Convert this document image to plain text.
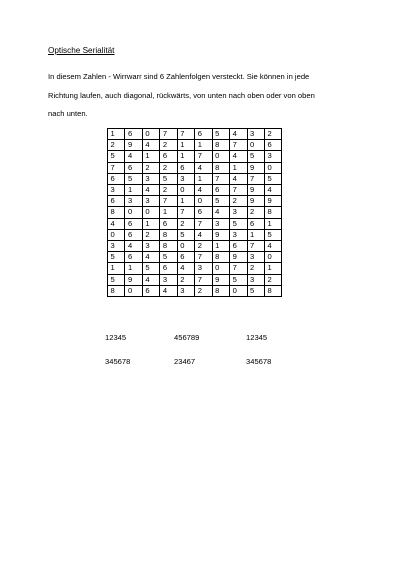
Optische Serialität

In diesem Zahlen - Wirrwarr sind 6 Zahlenfolgen versteckt. Sie können in jede

Richtung laufen, auch diagonal, rückwärts, von unten nach oben oder von oben

nach unten.

1	6	0	7	7	6	5	4	3	2
2	9	4	2	1	1	8	7	0	6
5	4	1	6	1	7	0	4	5	3
7	6	2	2	6	4	8	1	9	0
6	5	3	5	3	1	7	4	7	5
3	1	4	2	0	4	6	7	9	4
6	3	3	7	1	0	5	2	9	9
8	0	0	1	7	6	4	3	2	8
4	6	1	6	2	7	3	5	6	1
0	6	2	8	5	4	9	3	1	5
3	4	3	8	0	2	1	6	7	4
5	6	4	5	6	7	8	9	3	0
1	1	5	6	4	3	0	7	2	1
5	9	4	3	2	7	9	5	3	2
8	0	6	4	3	2	8	0	5	8
12345	456789	12345
345678	23467	345678
